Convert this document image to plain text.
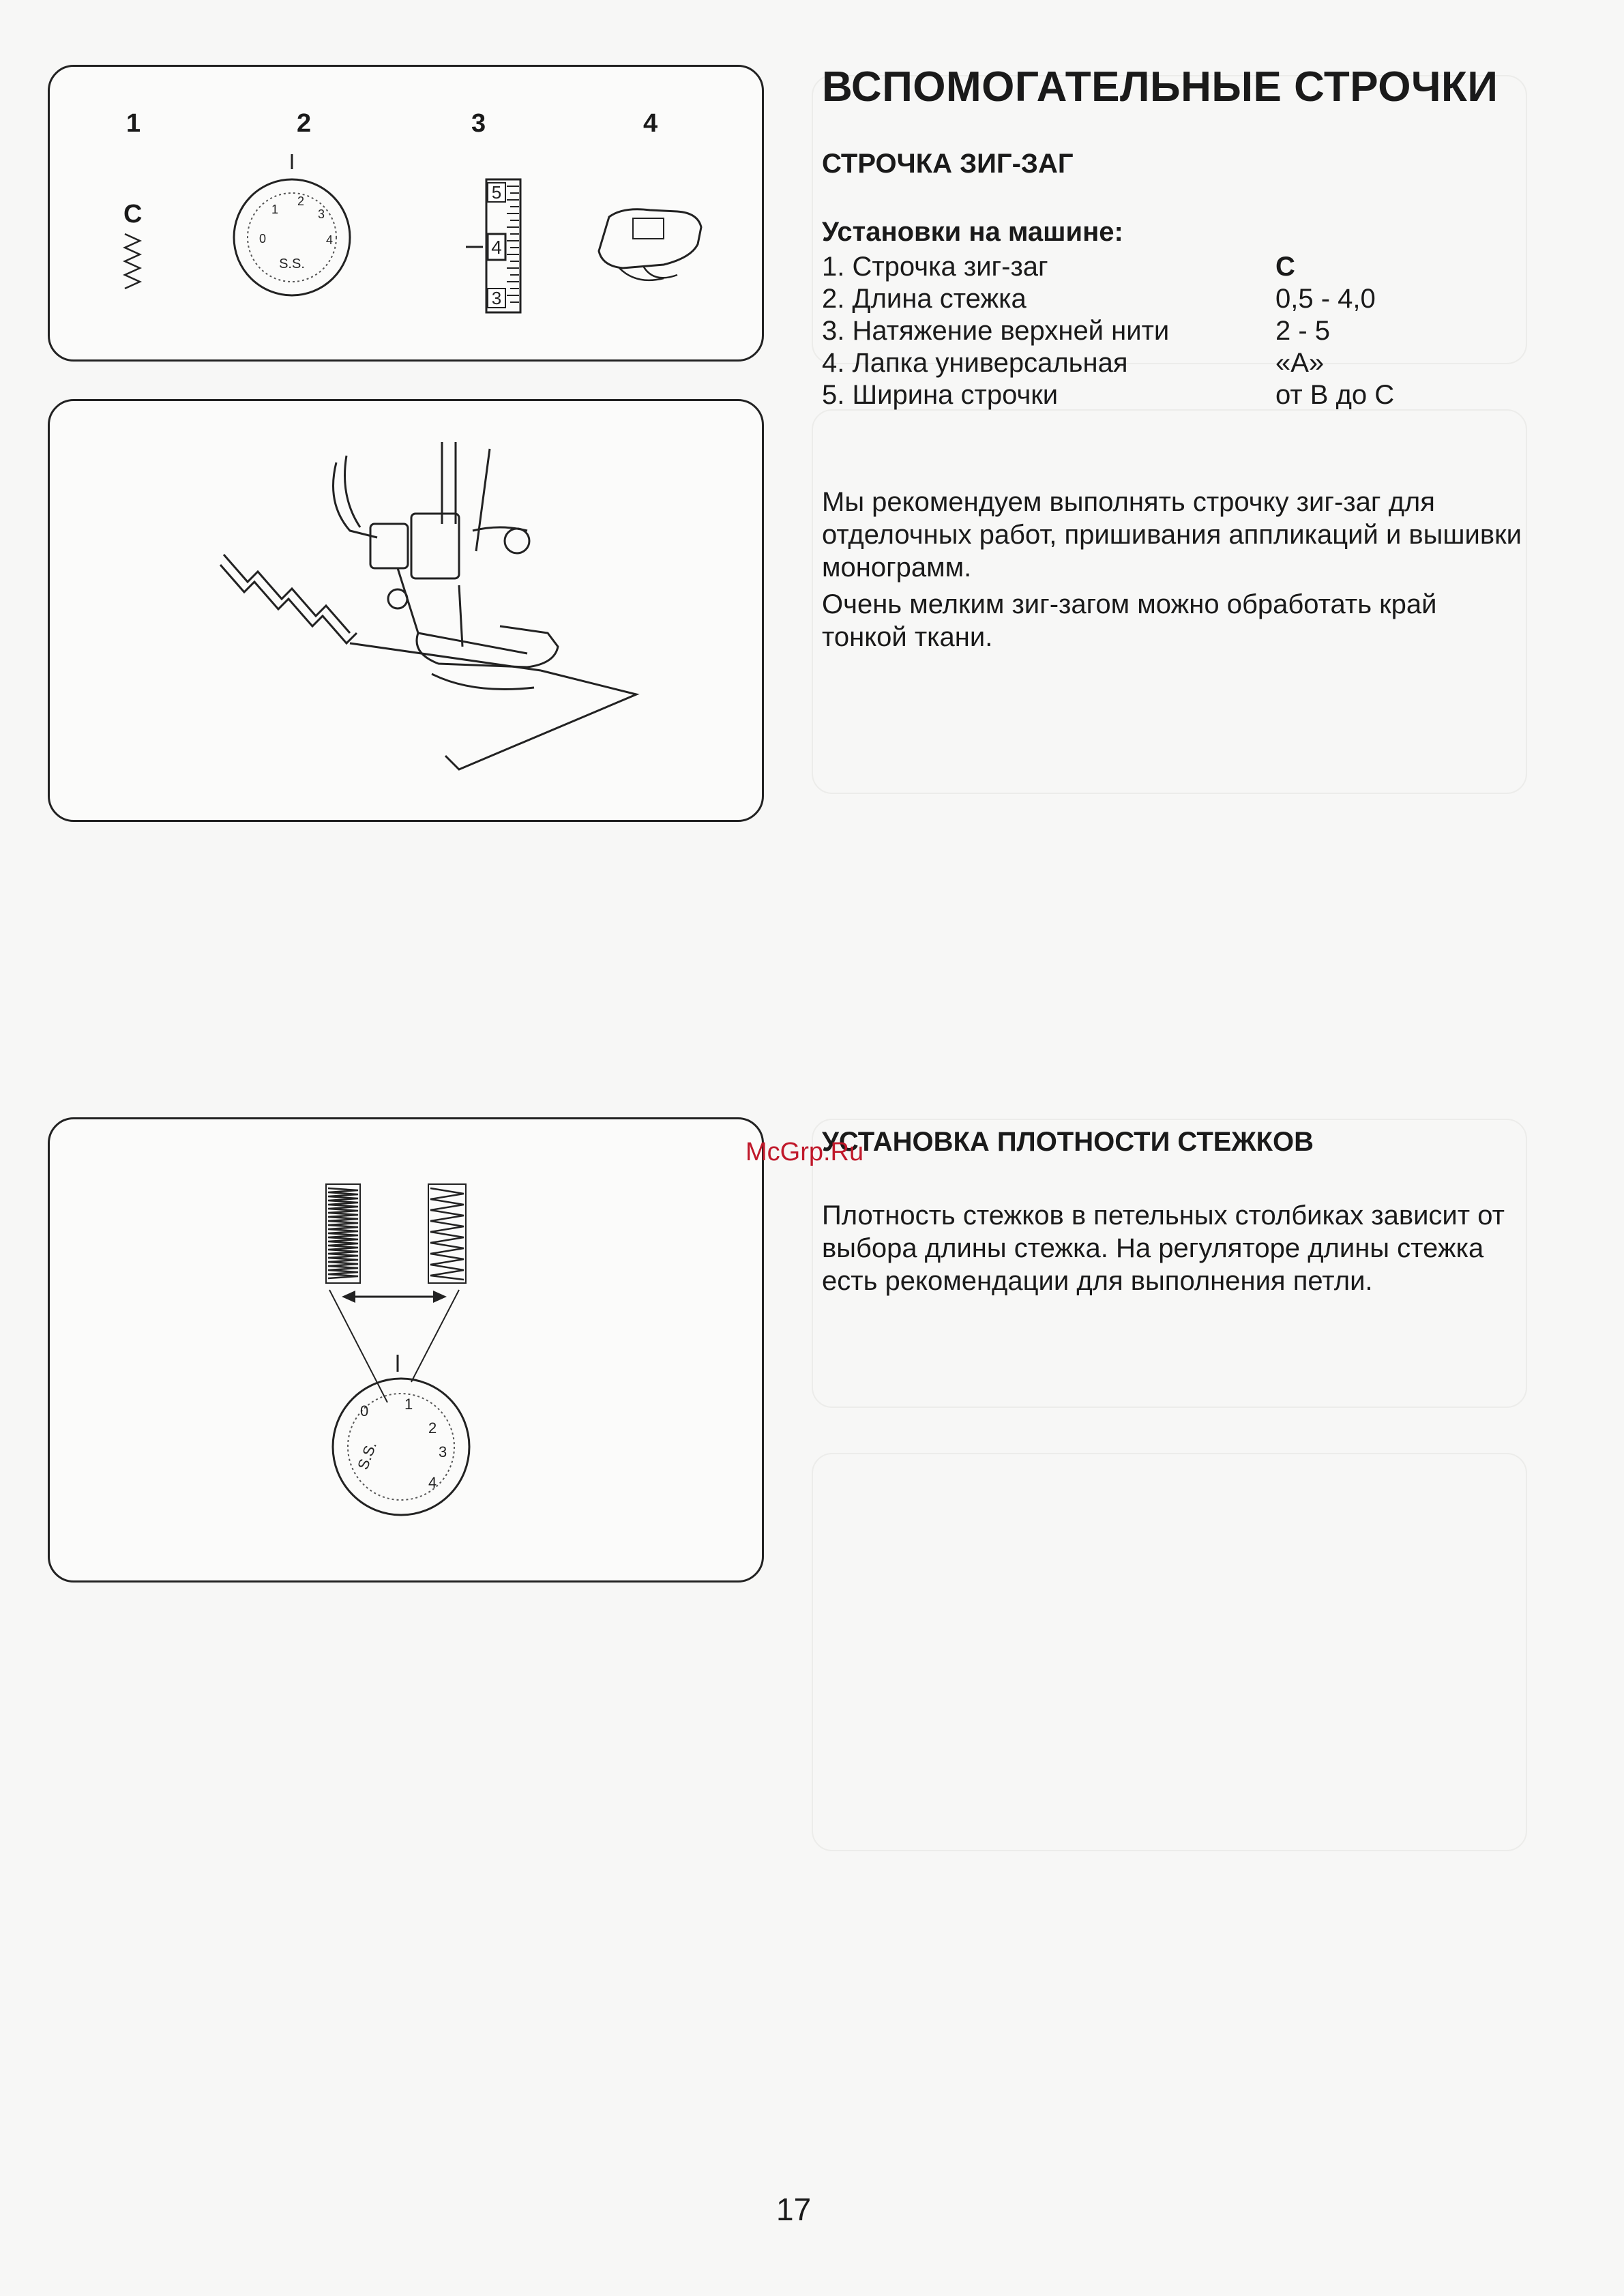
1	2	3	4
C
S.S.
0
1
2
3
4
5
4
3
0 1
2
3
4
S.S.
ВСПОМОГАТЕЛЬНЫЕ СТРОЧКИ
СТРОЧКА ЗИГ-ЗАГ
Установки на машине:
1. Строчка зиг-заг	С
2. Длина стежка	0,5 - 4,0
3. Натяжение верхней нити	2 - 5
4. Лапка универсальная	«А»
5. Ширина строчки	от В до С
Мы рекомендуем выполнять строчку зиг-заг для отделочных работ, пришивания аппликаций и вышивки монограмм.
Очень мелким зиг-загом можно обработать край тонкой ткани.
УСТАНОВКА ПЛОТНОСТИ СТЕЖКОВ
Плотность стежков в петельных столбиках зависит от выбора длины стежка. На регуляторе длины стежка есть рекомендации для выполнения петли.
McGrp.Ru
17
